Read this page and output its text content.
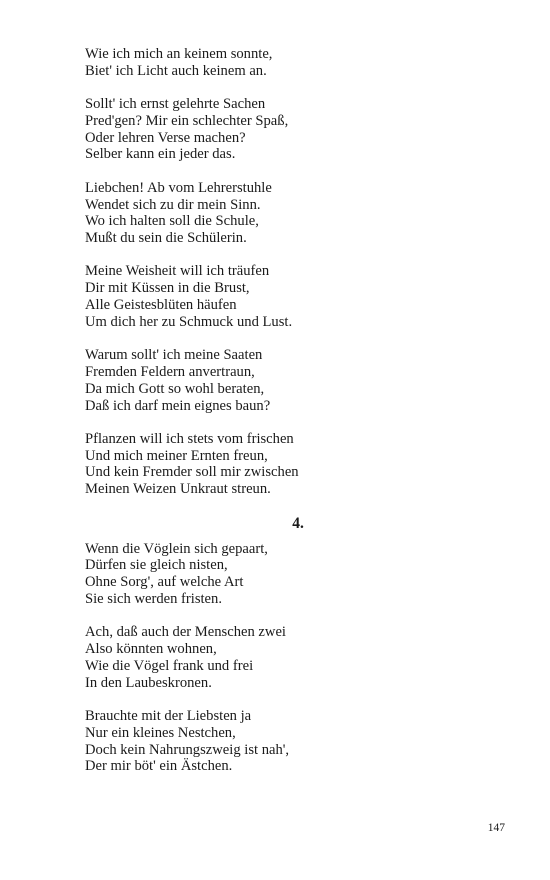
Wie ich mich an keinem sonnte,
Biet' ich Licht auch keinem an.
Sollt' ich ernst gelehrte Sachen
Pred'gen? Mir ein schlechter Spaß,
Oder lehren Verse machen?
Selber kann ein jeder das.
Liebchen! Ab vom Lehrerstuhle
Wendet sich zu dir mein Sinn.
Wo ich halten soll die Schule,
Mußt du sein die Schülerin.
Meine Weisheit will ich träufen
Dir mit Küssen in die Brust,
Alle Geistesblüten häufen
Um dich her zu Schmuck und Lust.
Warum sollt' ich meine Saaten
Fremden Feldern anvertraun,
Da mich Gott so wohl beraten,
Daß ich darf mein eignes baun?
Pflanzen will ich stets vom frischen
Und mich meiner Ernten freun,
Und kein Fremder soll mir zwischen
Meinen Weizen Unkraut streun.
4.
Wenn die Vöglein sich gepaart,
Dürfen sie gleich nisten,
Ohne Sorg', auf welche Art
Sie sich werden fristen.
Ach, daß auch der Menschen zwei
Also könnten wohnen,
Wie die Vögel frank und frei
In den Laubeskronen.
Brauchte mit der Liebsten ja
Nur ein kleines Nestchen,
Doch kein Nahrungszweig ist nah',
Der mir böt' ein Ästchen.
147
